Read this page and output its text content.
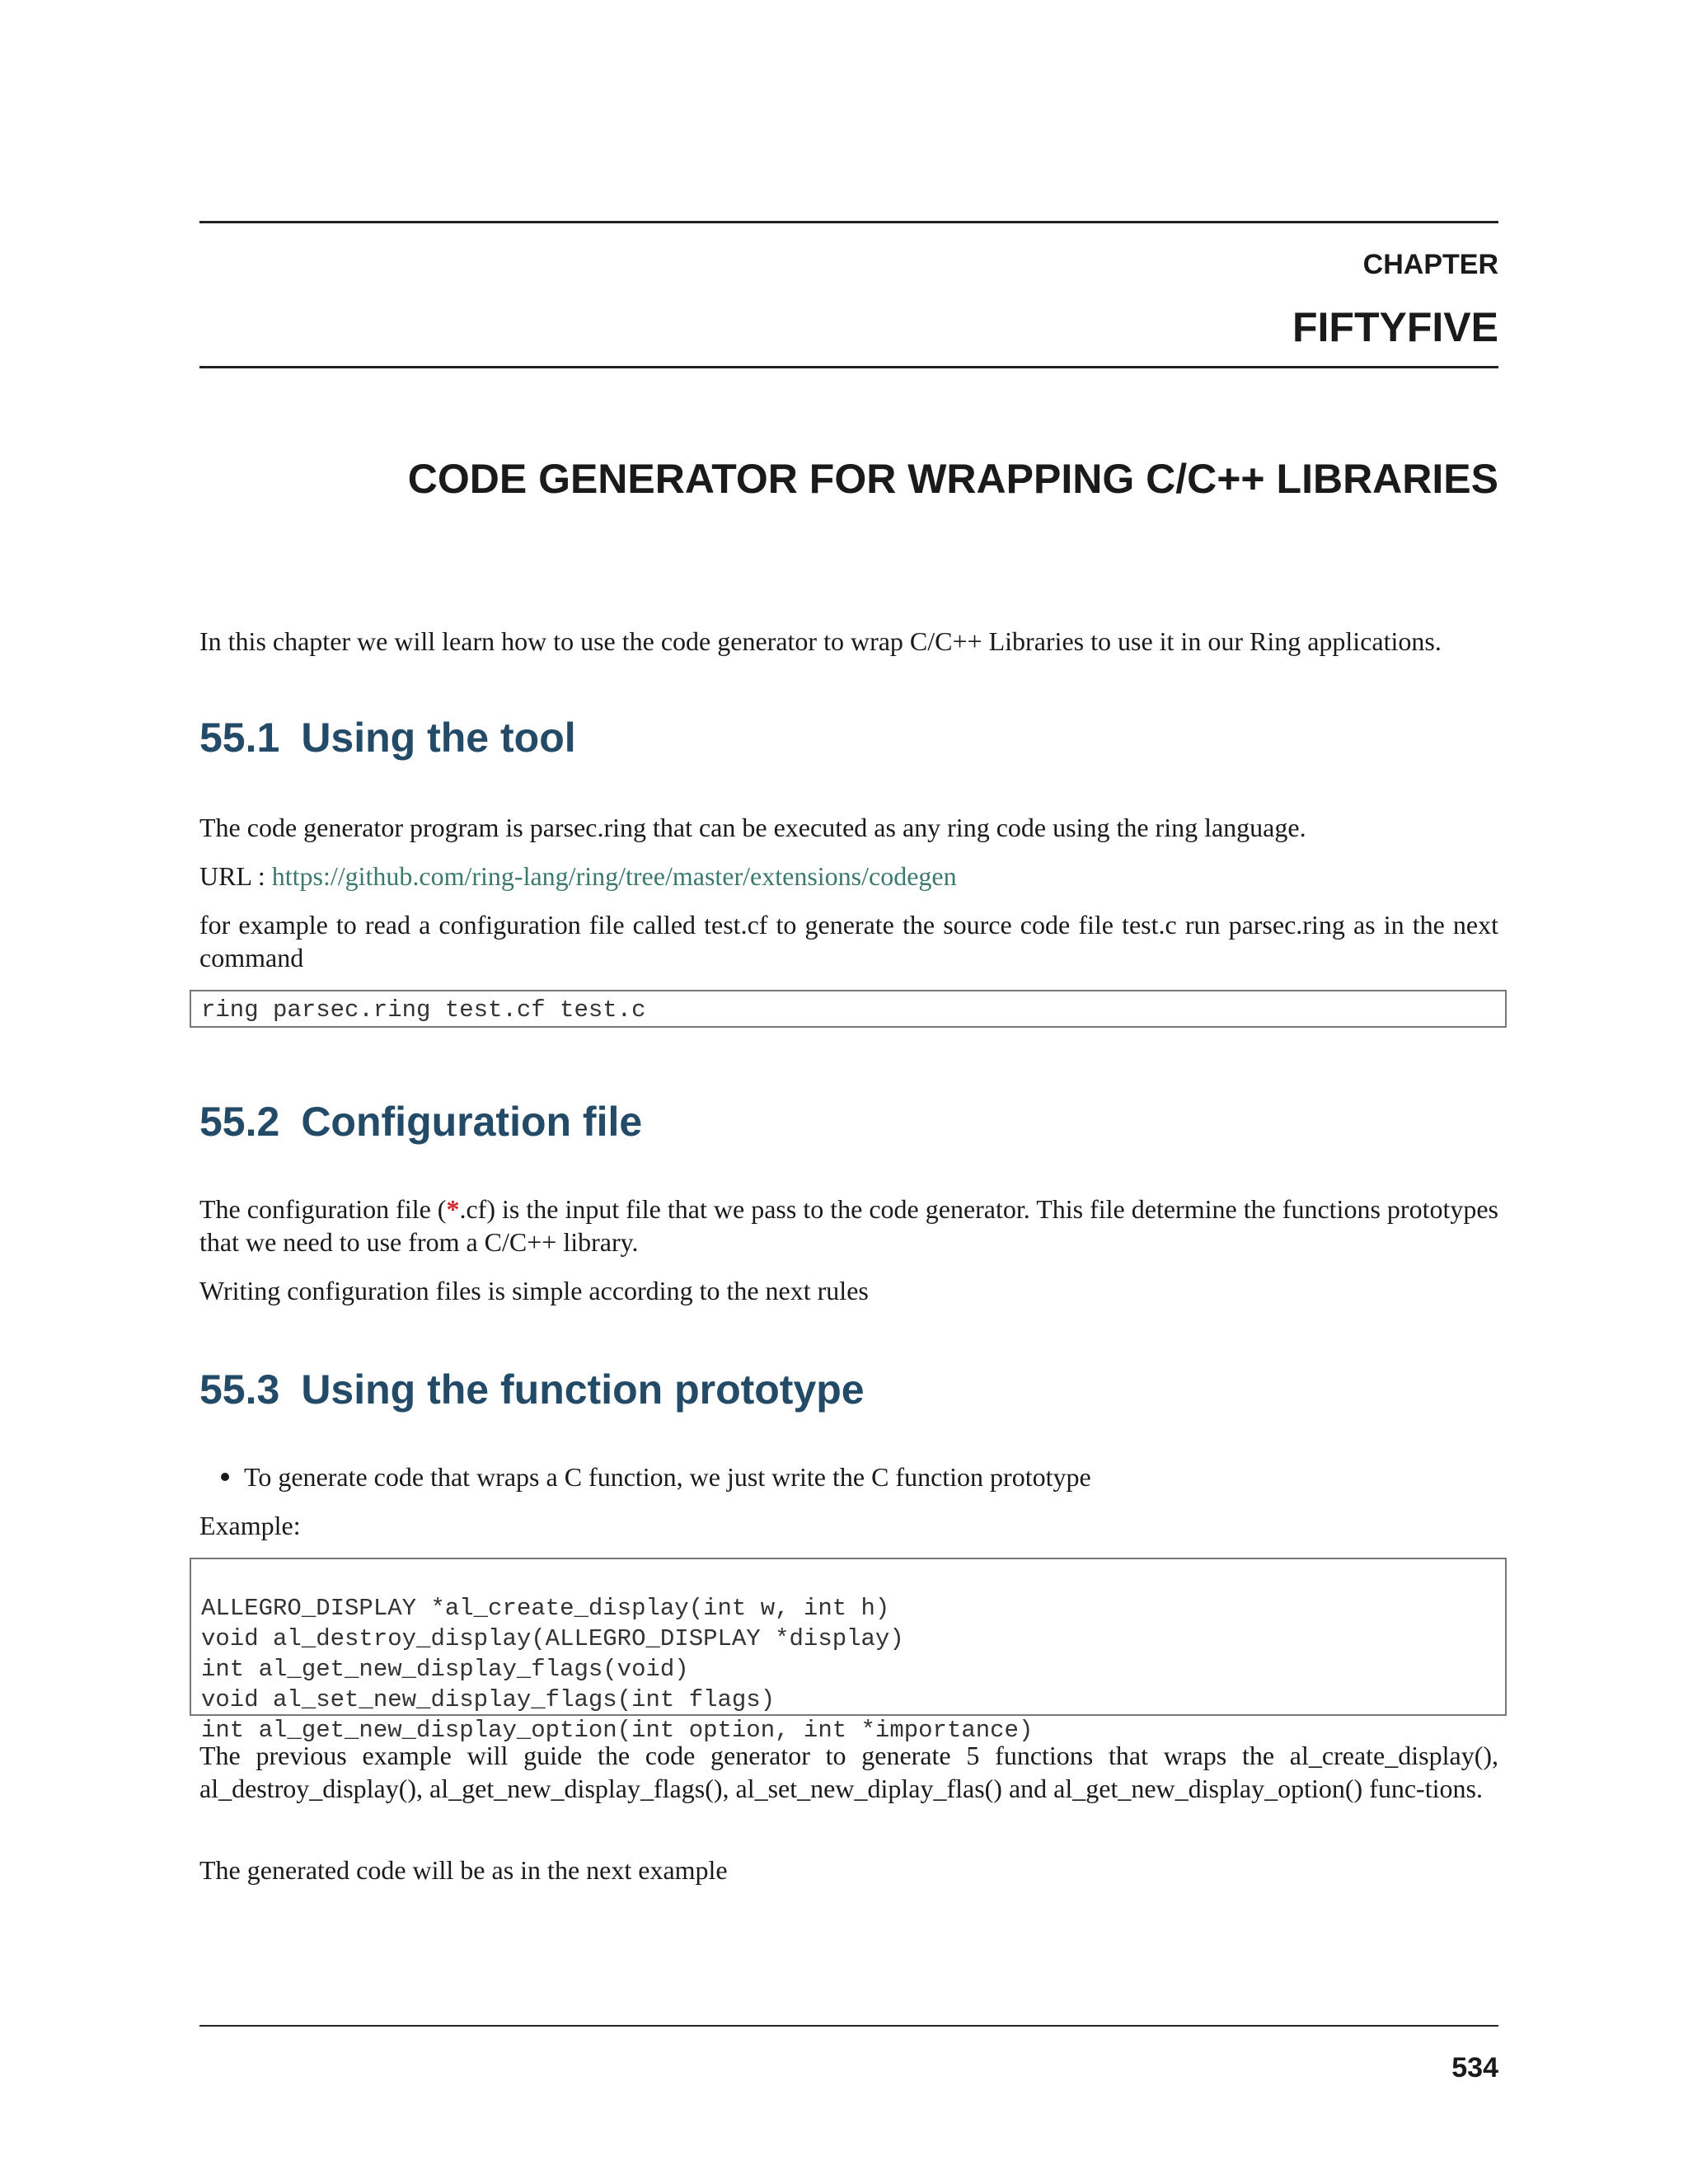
CHAPTER
FIFTYFIVE
CODE GENERATOR FOR WRAPPING C/C++ LIBRARIES
In this chapter we will learn how to use the code generator to wrap C/C++ Libraries to use it in our Ring applications.
55.1 Using the tool
The code generator program is parsec.ring that can be executed as any ring code using the ring language.
URL : https://github.com/ring-lang/ring/tree/master/extensions/codegen
for example to read a configuration file called test.cf to generate the source code file test.c run parsec.ring as in the next command
ring parsec.ring test.cf test.c
55.2 Configuration file
The configuration file (*.cf) is the input file that we pass to the code generator. This file determine the functions prototypes that we need to use from a C/C++ library.
Writing configuration files is simple according to the next rules
55.3 Using the function prototype
To generate code that wraps a C function, we just write the C function prototype
Example:

ALLEGRO_DISPLAY *al_create_display(int w, int h)
void al_destroy_display(ALLEGRO_DISPLAY *display)
int al_get_new_display_flags(void)
void al_set_new_display_flags(int flags)
int al_get_new_display_option(int option, int *importance)

The previous example will guide the code generator to generate 5 functions that wraps the al_create_display(), al_destroy_display(), al_get_new_display_flags(), al_set_new_diplay_flas() and al_get_new_display_option() func-tions.
The generated code will be as in the next example
534
